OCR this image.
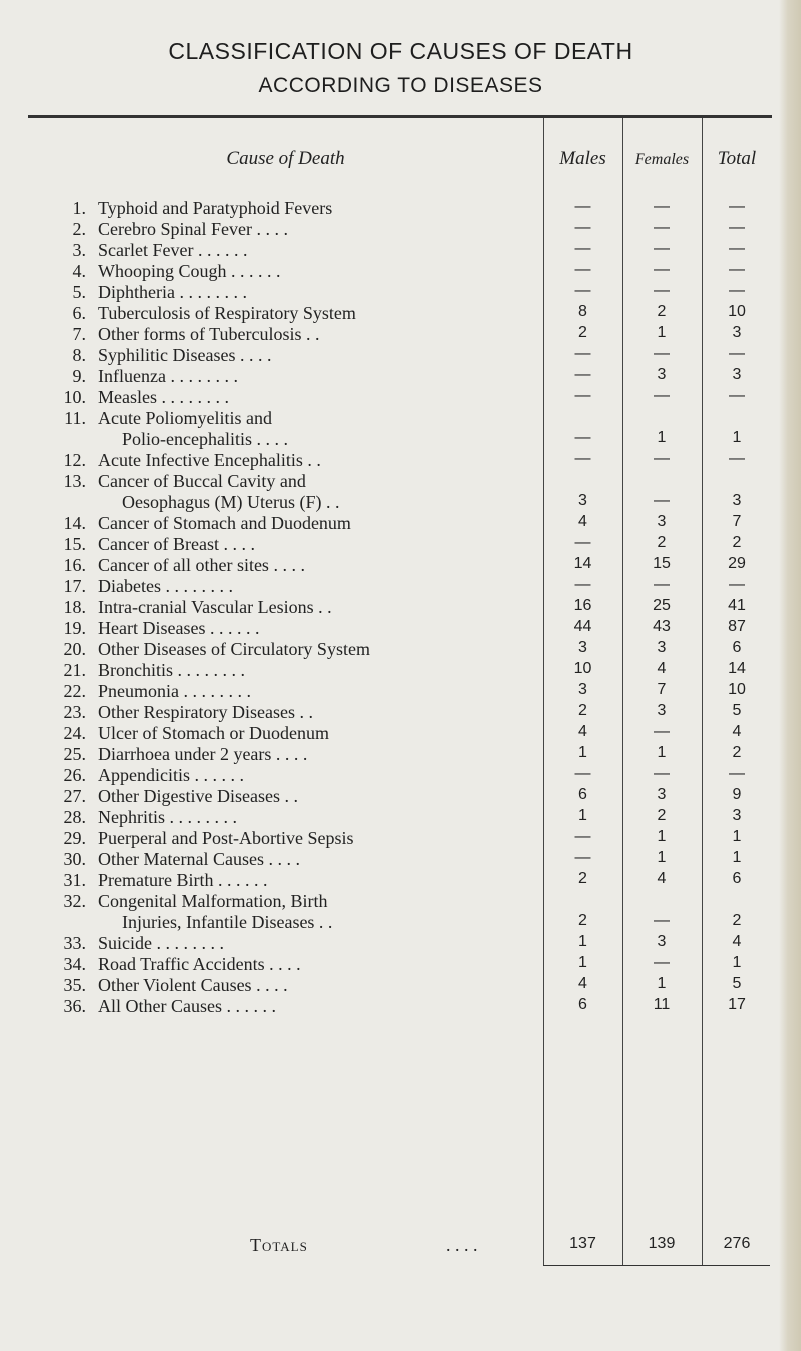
CLASSIFICATION OF CAUSES OF DEATH
ACCORDING TO DISEASES
Cause of Death	Males	Females	Total
1. Typhoid and Paratyphoid Fevers	—	—	—
2. Cerebro Spinal Fever . . . .	—	—	—
3. Scarlet Fever . . . . . .	—	—	—
4. Whooping Cough . . . . . .	—	—	—
5. Diphtheria . . . . . . . .	—	—	—
6. Tuberculosis of Respiratory System	8	2	10
7. Other forms of Tuberculosis . .	2	1	3
8. Syphilitic Diseases . . . .	—	—	—
9. Influenza . . . . . . . .	—	3	3
10. Measles . . . . . . . .	—	—	—
11. Acute Poliomyelitis and
Polio-encephalitis . . . .	—	1	1
12. Acute Infective Encephalitis . .	—	—	—
13. Cancer of Buccal Cavity and
Oesophagus (M) Uterus (F) . .	3	—	3
14. Cancer of Stomach and Duodenum	4	3	7
15. Cancer of Breast . . . .	—	2	2
16. Cancer of all other sites . . . .	14	15	29
17. Diabetes . . . . . . . .	—	—	—
18. Intra-cranial Vascular Lesions . .	16	25	41
19. Heart Diseases . . . . . .	44	43	87
20. Other Diseases of Circulatory System	3	3	6
21. Bronchitis . . . . . . . .	10	4	14
22. Pneumonia . . . . . . . .	3	7	10
23. Other Respiratory Diseases . .	2	3	5
24. Ulcer of Stomach or Duodenum	4	—	4
25. Diarrhoea under 2 years . . . .	1	1	2
26. Appendicitis . . . . . .	—	—	—
27. Other Digestive Diseases . .	6	3	9
28. Nephritis . . . . . . . .	1	2	3
29. Puerperal and Post-Abortive Sepsis	—	1	1
30. Other Maternal Causes . . . .	—	1	1
31. Premature Birth . . . . . .	2	4	6
32. Congenital Malformation, Birth
Injuries, Infantile Diseases . .	2	—	2
33. Suicide . . . . . . . .	1	3	4
34. Road Traffic Accidents . . . .	1	—	1
35. Other Violent Causes . . . .	4	1	5
36. All Other Causes . . . . . .	6	11	17
Totals	. . . .	137	139	276
